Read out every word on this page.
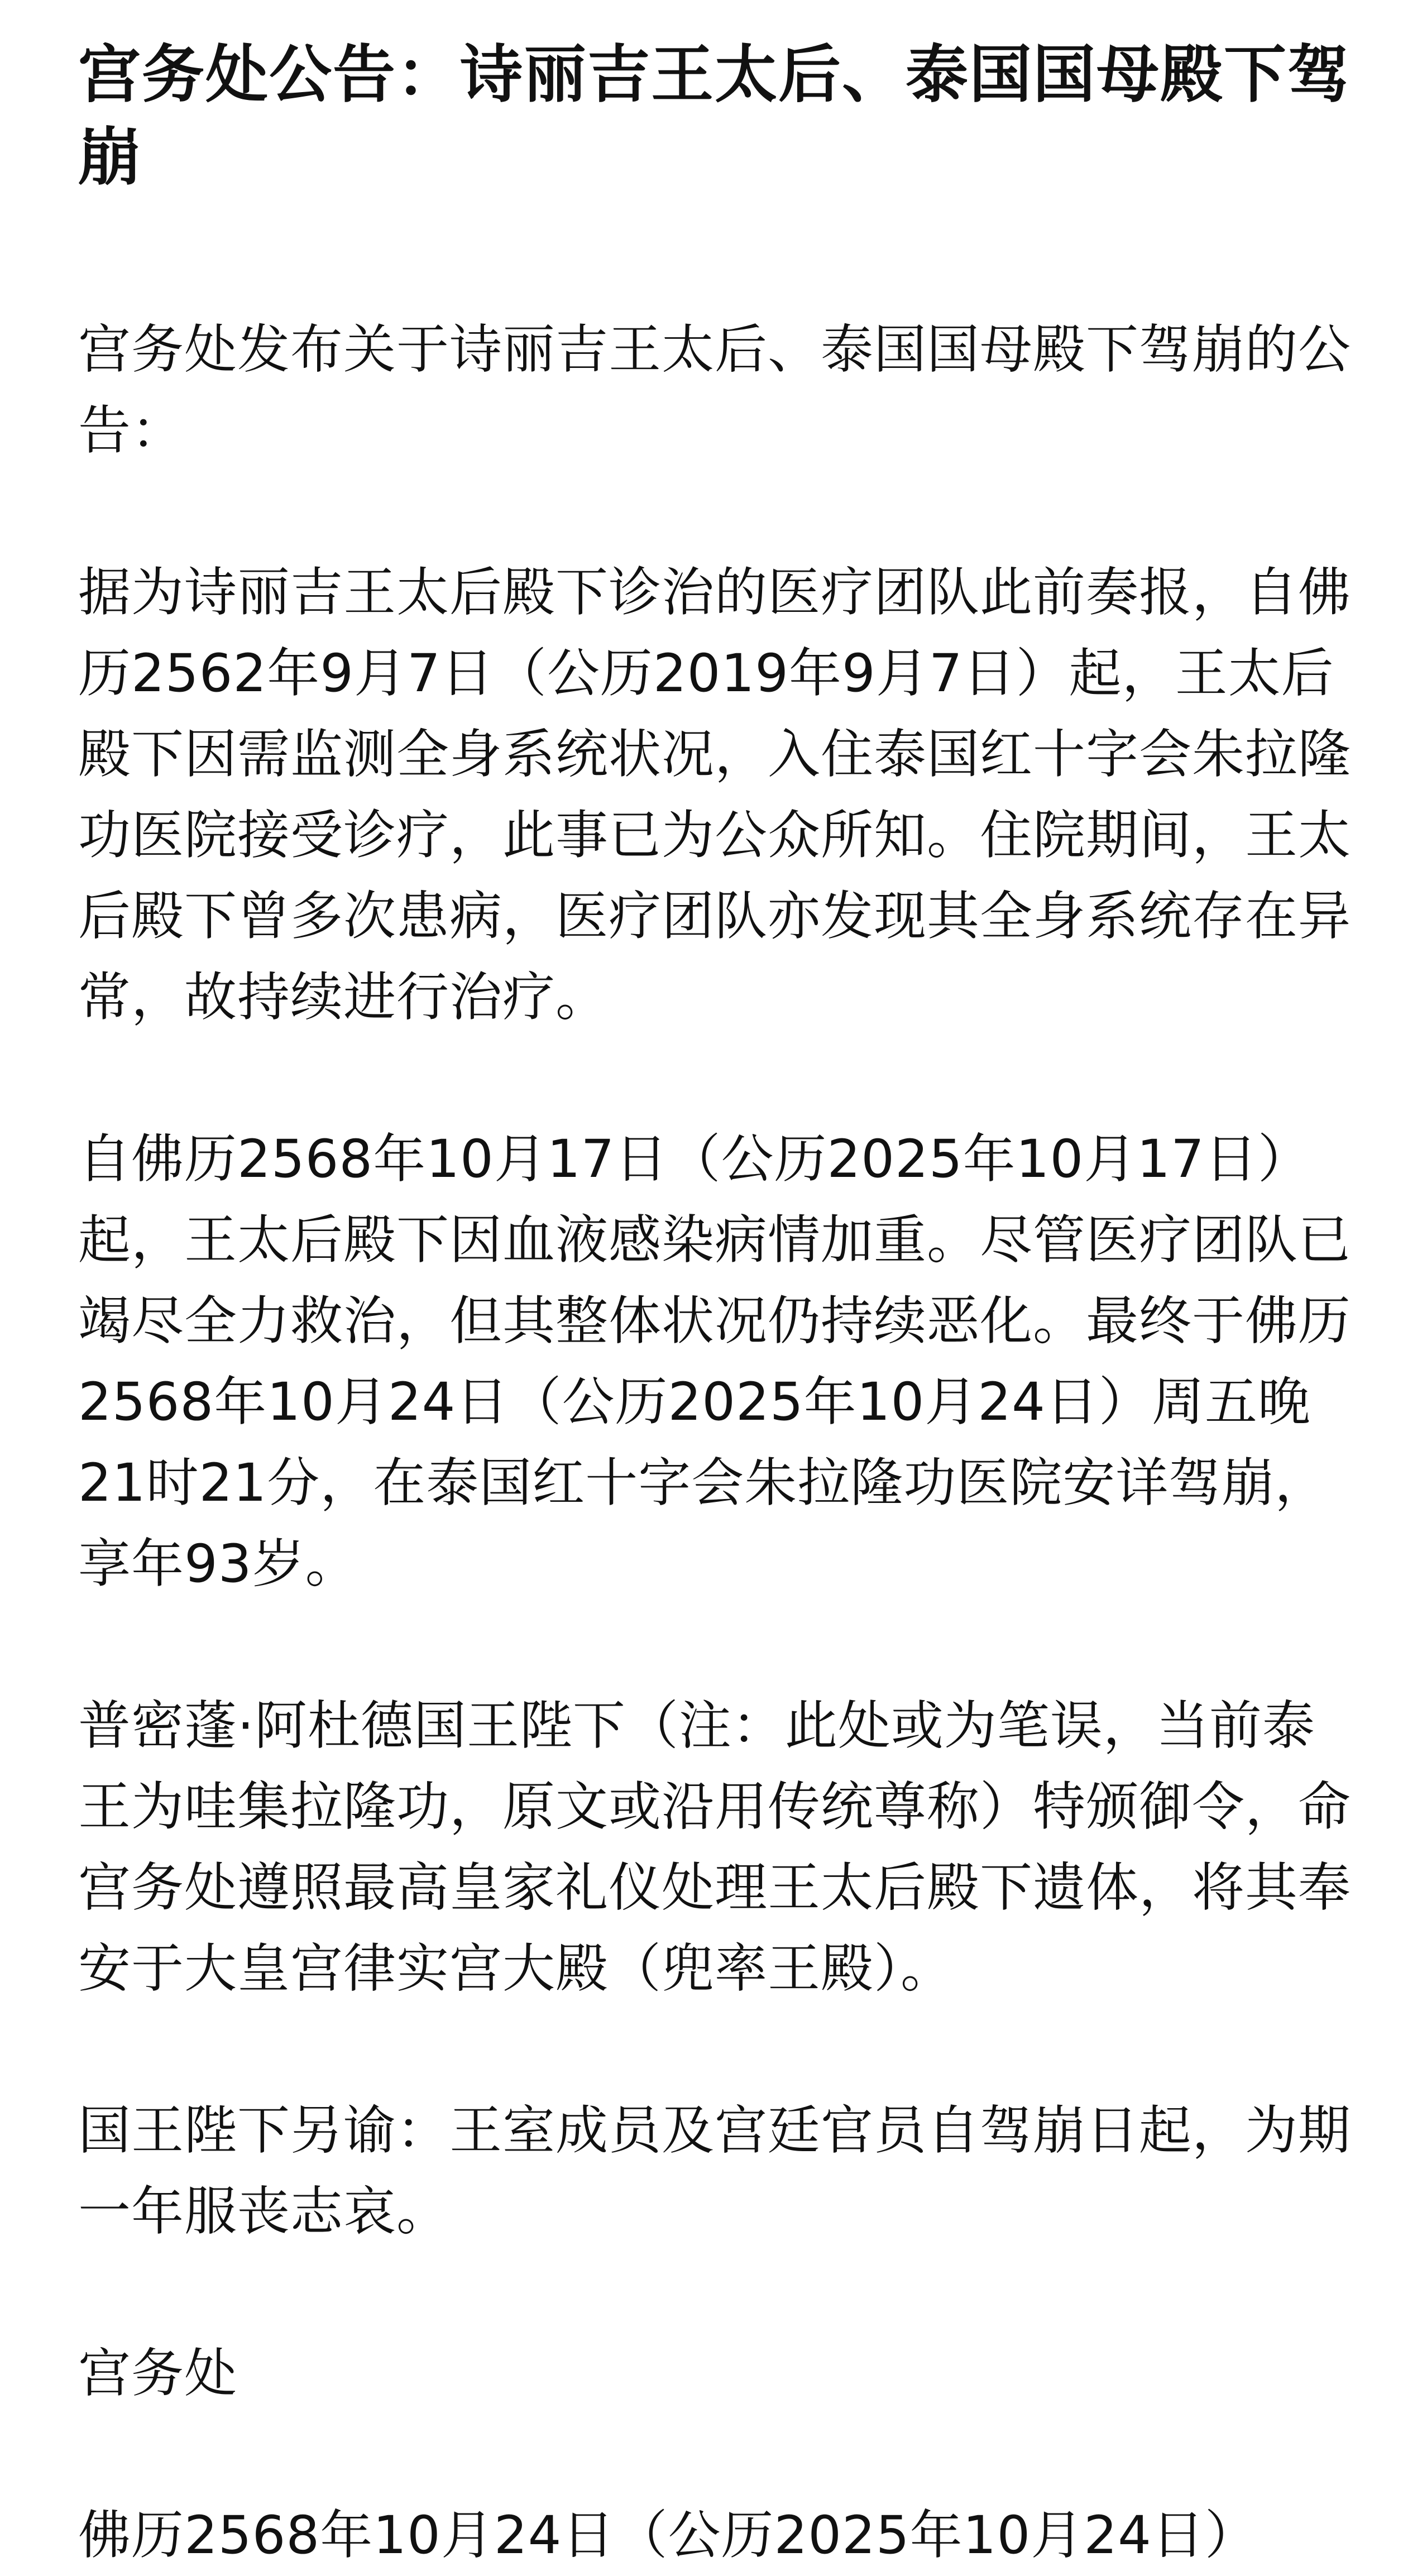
宫务处公告：诗丽吉王太后、泰国国母殿下驾崩

宫务处发布关于诗丽吉王太后、泰国国母殿下驾崩的公告：

据为诗丽吉王太后殿下诊治的医疗团队此前奏报，自佛历2562年9月7日（公历2019年9月7日）起，王太后殿下因需监测全身系统状况，入住泰国红十字会朱拉隆功医院接受诊疗，此事已为公众所知。住院期间，王太后殿下曾多次患病，医疗团队亦发现其全身系统存在异常，故持续进行治疗。

自佛历2568年10月17日（公历2025年10月17日）起，王太后殿下因血液感染病情加重。尽管医疗团队已竭尽全力救治，但其整体状况仍持续恶化。最终于佛历2568年10月24日（公历2025年10月24日）周五晚21时21分，在泰国红十字会朱拉隆功医院安详驾崩，享年93岁。

普密蓬·阿杜德国王陛下（注：此处或为笔误，当前泰王为哇集拉隆功，原文或沿用传统尊称）特颁御令，命宫务处遵照最高皇家礼仪处理王太后殿下遗体，将其奉安于大皇宫律实宫大殿（兜率王殿）。

国王陛下另谕：王室成员及宫廷官员自驾崩日起，为期一年服丧志哀。

宫务处

佛历2568年10月24日（公历2025年10月24日）
